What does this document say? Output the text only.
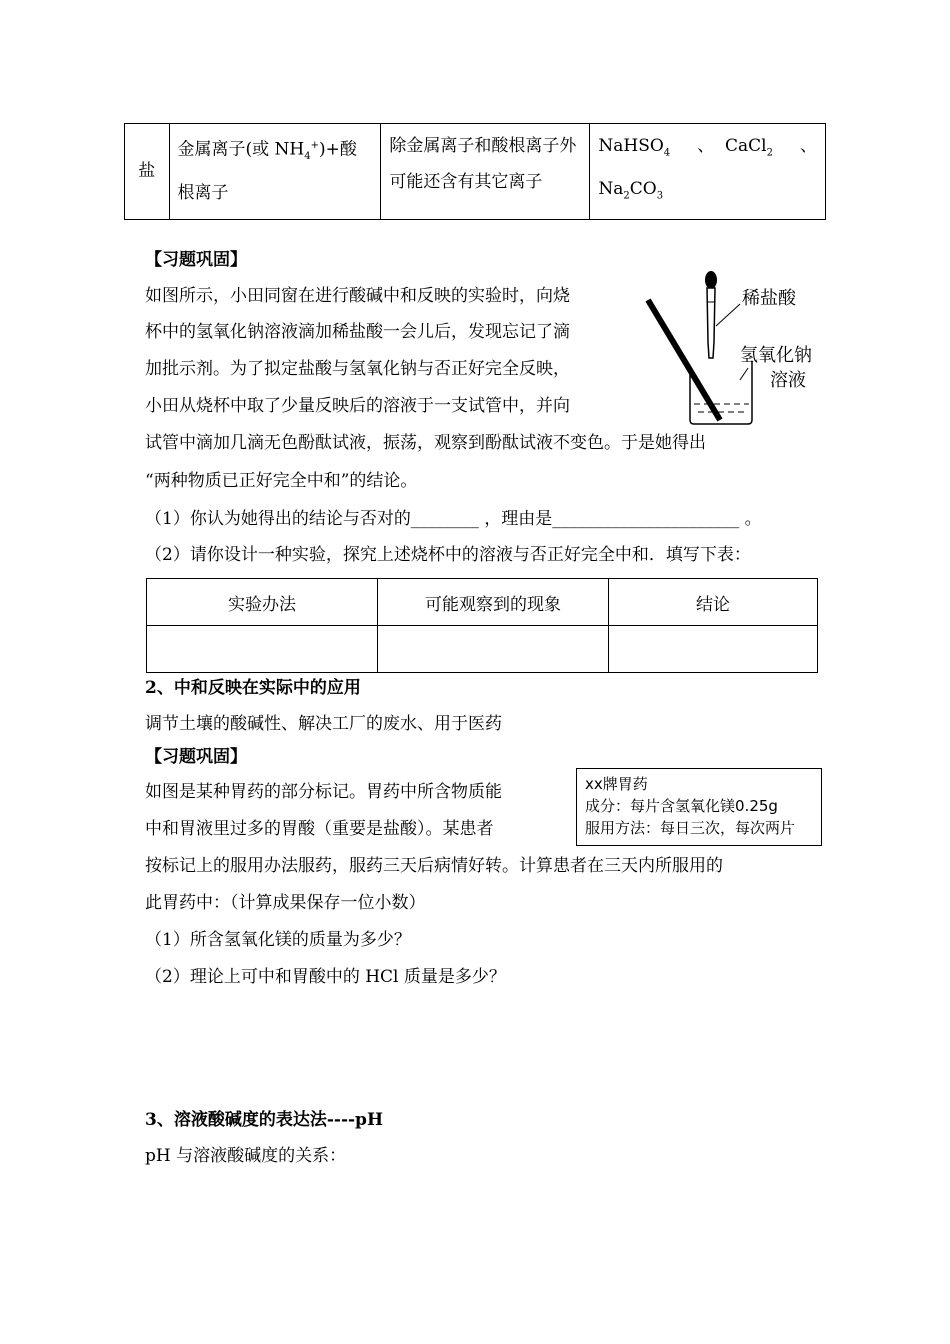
盐	金属离子(或 $NH_4^+)+$酸根离子	除金属离子和酸根离子外可能还含有其它离子	NaHSO$_4$ 、 CaCl$_2$ 、
$Na_2CO_3$
【习题巩固】
如图所示，小田同窗在进行酸碱中和反映的实验时，向烧
杯中的氢氧化钠溶液滴加稀盐酸一会儿后，发现忘记了滴
加批示剂。为了拟定盐酸与氢氧化钠与否正好完全反映，
小田从烧杯中取了少量反映后的溶液于一支试管中，并向
试管中滴加几滴无色酚酞试液，振荡，观察到酚酞试液不变色。于是她得出
“两种物质已正好完全中和”的结论。
（1）你认为她得出的结论与否对的________ ，理由是______________________ 。
（2）请你设计一种实验，探究上述烧杯中的溶液与否正好完全中和．填写下表：
稀盐酸
氢氧化钠
溶液
实验办法	可能观察到的现象	结论

2、中和反映在实际中的应用
调节土壤的酸碱性、解决工厂的废水、用于医药
【习题巩固】
如图是某种胃药的部分标记。胃药中所含物质能
中和胃液里过多的胃酸（重要是盐酸）。某患者
按标记上的服用办法服药，服药三天后病情好转。计算患者在三天内所服用的
此胃药中：（计算成果保存一位小数）
（1）所含氢氧化镁的质量为多少？
（2）理论上可中和胃酸中的 HCl 质量是多少？
xx牌胃药
成分：每片含氢氧化镁0.25g
服用方法：每日三次，每次两片
3、溶液酸碱度的表达法----pH
pH 与溶液酸碱度的关系：
